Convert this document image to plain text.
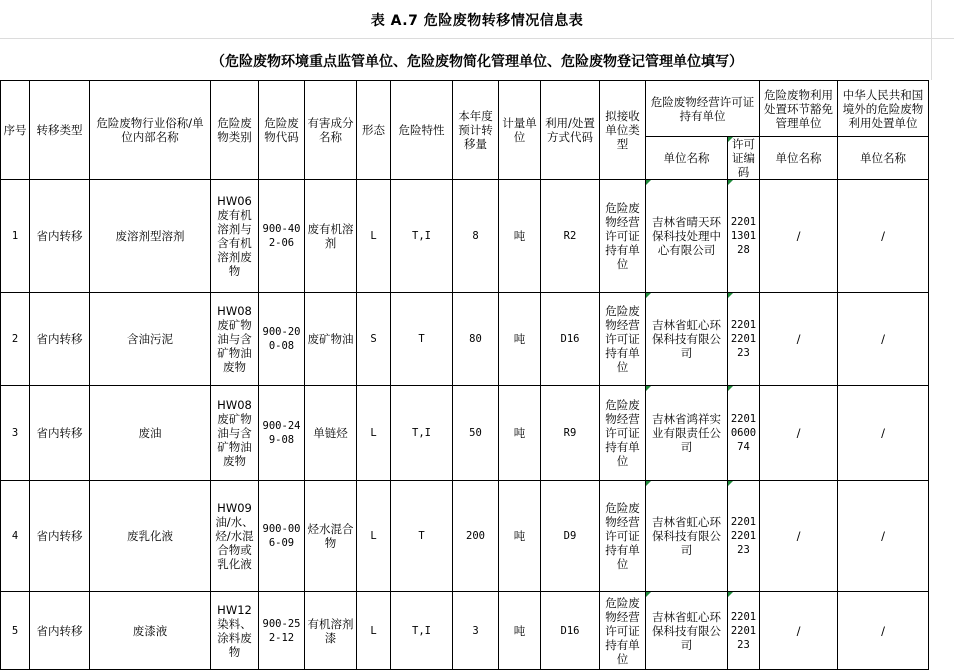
表 A.7 危险废物转移情况信息表
（危险废物环境重点监管单位、危险废物简化管理单位、危险废物登记管理单位填写）
序号	转移类型	危险废物行业俗称/单位内部名称	危险废物类别	危险废物代码	有害成分名称	形态	危险特性	本年度预计转移量	计量单位	利用/处置方式代码	拟接收单位类型	危险废物经营许可证持有单位		危险废物利用处置环节豁免管理单位	中华人民共和国境外的危险废物利用处置单位
												单位名称	许可证编码	单位名称	单位名称
1	省内转移	废溶剂型溶剂	HW06废有机溶剂与含有机溶剂废物	900-402-06	废有机溶剂	L	T,I	8	吨	R2	危险废物经营许可证持有单位	吉林省晴天环保科技处理中心有限公司	2201130128	/	/
2	省内转移	含油污泥	HW08废矿物油与含矿物油废物	900-200-08	废矿物油	S	T	80	吨	D16	危险废物经营许可证持有单位	吉林省虹心环保科技有限公司	2201220123	/	/
3	省内转移	废油	HW08废矿物油与含矿物油废物	900-249-08	单链烃	L	T,I	50	吨	R9	危险废物经营许可证持有单位	吉林省鸿祥实业有限责任公司	2201060074	/	/
4	省内转移	废乳化液	HW09油/水、烃/水混合物或乳化液	900-006-09	烃水混合物	L	T	200	吨	D9	危险废物经营许可证持有单位	吉林省虹心环保科技有限公司	2201220123	/	/
5	省内转移	废漆液	HW12染料、涂料废物	900-252-12	有机溶剂漆	L	T,I	3	吨	D16	危险废物经营许可证持有单位	吉林省虹心环保科技有限公司	2201220123	/	/
